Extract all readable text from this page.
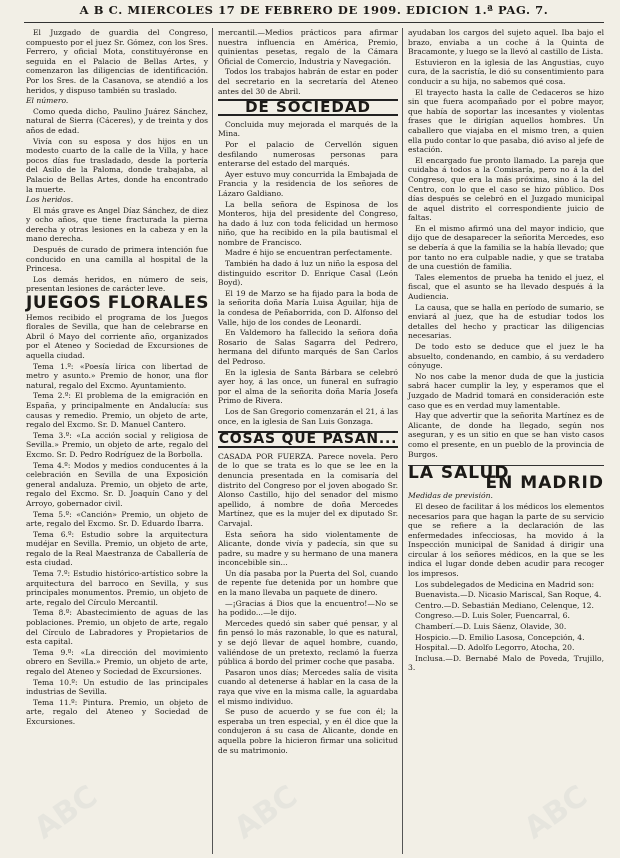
A B C. MIERCOLES 17 DE FEBRERO DE 1909. EDICION 1.ª PAG. 7.

El Juzgado de guardia del Congreso, compuesto por el juez Sr. Gómez, con los Sres. Ferrero, y oficial Mota, constituyéronse en seguida en el Palacio de Bellas Artes, y comenzaron las diligencias de identificación. Por los Sres. de la Casanova, se atendió a los heridos, y dispuso también su traslado.

El número.

Como queda dicho, Paulino Juárez Sánchez, natural de Sierra (Cáceres), y de treinta y dos años de edad.

Vivía con su esposa y dos hijos en un modesto cuarto de la calle de la Villa, y hace pocos días fue trasladado, desde la portería del Asilo de la Paloma, donde trabajaba, al Palacio de Bellas Artes, donde ha encontrado la muerte.

Los heridos.

El más grave es Angel Díaz Sánchez, de diez y ocho años, que tiene fracturada la pierna derecha y otras lesiones en la cabeza y en la mano derecha.

Después de curado de primera intención fue conducido en una camilla al hospital de la Princesa.

Los demás heridos, en número de seis, presentan lesiones de carácter leve.

JUEGOS FLORALES

Hemos recibido el programa de los Juegos florales de Sevilla, que han de celebrarse en Abril ó Mayo del corriente año, organizados por el Ateneo y Sociedad de Excursiones de aquella ciudad.

Tema 1.º: «Poesía lírica con libertad de metro y asunto.» Premio de honor, una flor natural, regalo del Excmo. Ayuntamiento.

Tema 2.º: El problema de la emigración en España, y principalmente en Andalucía: sus causas y remedio. Premio, un objeto de arte, regalo del Excmo. Sr. D. Manuel Cantero.

Tema 3.º: «La acción social y religiosa de Sevilla.» Premio, un objeto de arte, regalo del Excmo. Sr. D. Pedro Rodríguez de la Borbolla.

Tema 4.º: Modos y medios conducentes á la celebración en Sevilla de una Exposición general andaluza. Premio, un objeto de arte, regalo del Excmo. Sr. D. Joaquín Cano y del Arroyo, gobernador civil.

Tema 5.º: «Canción» Premio, un objeto de arte, regalo del Excmo. Sr. D. Eduardo Ibarra.

Tema 6.º: Estudio sobre la arquitectura mudéjar en Sevilla. Premio, un objeto de arte, regalo de la Real Maestranza de Caballería de esta ciudad.

Tema 7.º: Estudio histórico-artístico sobre la arquitectura del barroco en Sevilla, y sus principales monumentos. Premio, un objeto de arte, regalo del Círculo Mercantil.

Tema 8.º: Abastecimiento de aguas de las poblaciones. Premio, un objeto de arte, regalo del Círculo de Labradores y Propietarios de esta capital.

Tema 9.º: «La dirección del movimiento obrero en Sevilla.» Premio, un objeto de arte, regalo del Ateneo y Sociedad de Excursiones.

Tema 10.º: Un estudio de las principales industrias de Sevilla.

Tema 11.º: Pintura. Premio, un objeto de arte, regalo del Ateneo y Sociedad de Excursiones.

mercantil.—Medios prácticos para afirmar nuestra influencia en América, Premio, quinientas pesetas, regalo de la Cámara Oficial de Comercio, Industria y Navegación.

Todos los trabajos habrán de estar en poder del secretario en la secretaría del Ateneo antes del 30 de Abril.

DE SOCIEDAD

Concluida muy mejorada el marqués de la Mina.

Por el palacio de Cervellón siguen desfilando numerosas personas para enterarse del estado del marqués.

Ayer estuvo muy concurrida la Embajada de Francia y la residencia de los señores de Lázaro Galdiano.

La bella señora de Espinosa de los Monteros, hija del presidente del Congreso, ha dado á luz con toda felicidad un hermoso niño, que ha recibido en la pila bautismal el nombre de Francisco.

Madre é hijo se encuentran perfectamente.

También ha dado á luz un niño la esposa del distinguido escritor D. Enrique Casal (León Boyd).

El 19 de Marzo se ha fijado para la boda de la señorita doña María Luisa Aguilar, hija de la condesa de Peñaborrida, con D. Alfonso del Valle, hijo de los condes de Leonardi.

En Valdemoro ha fallecido la señora doña Rosario de Salas Sagarra del Pedrero, hermana del difunto marqués de San Carlos del Pedroso.

En la iglesia de Santa Bárbara se celebró ayer hoy, á las once, un funeral en sufragio por el alma de la señorita doña María Josefa Primo de Rivera.

Los de San Gregorio comenzarán el 21, á las once, en la iglesia de San Luis Gonzaga.

COSAS QUE PASAN...

CASADA POR FUERZA. Parece novela. Pero de lo que se trata es lo que se lee en la denuncia presentada en la comisaría del distrito del Congreso por el joven abogado Sr. Alonso Castillo, hijo del senador del mismo apellido, á nombre de doña Mercedes Martínez, que es la mujer del ex diputado Sr. Carvajal.

Esta señora ha sido violentamente de Alicante, donde vivía y padecía, sin que su padre, su madre y su hermano de una manera inconcebible sin...

Un día pasaba por la Puerta del Sol, cuando de repente fue detenida por un hombre que en la mano llevaba un paquete de dinero.

—¡Gracias á Dios que la encuentro!—No se ha podido...—le dijo.

Mercedes quedó sin saber qué pensar, y al fin pensó lo más razonable, lo que es natural, y se dejó llevar de aquel hombre, cuando, valiéndose de un pretexto, reclamó la fuerza pública á bordo del primer coche que pasaba.

Pasaron unos días; Mercedes salía de visita cuando al detenerse á hablar en la casa de la raya que vive en la misma calle, la aguardaba el mismo individuo.

Se puso de acuerdo y se fue con él; la esperaba un tren especial, y en él dice que la condujeron á su casa de Alicante, donde en aquella pobre la hicieron firmar una solicitud de su matrimonio.

ayudaban los cargos del sujeto aquel. Iba bajo el brazo, enviaba a un coche á la Quinta de Bracamonte, y luego se la llevó al castillo de Lista.

Estuvieron en la iglesia de las Angustias, cuyo cura, de la sacristía, le dió su consentimiento para conducir a su hija, no sabemos qué cosa.

El trayecto hasta la calle de Cedaceros se hizo sin que fuera acompañado por el pobre mayor, que había de soportar las incesantes y violentas frases que le dirigían aquellos hombres. Un caballero que viajaba en el mismo tren, a quien ella pudo contar lo que pasaba, dió aviso al jefe de estación.

El encargado fue pronto llamado. La pareja que cuidaba á todos a la Comisaría, pero no á la del Congreso, que era la más próxima, sino á la del Centro, con lo que el caso se hizo público. Dos días después se celebró en el Juzgado municipal de aquel distrito el correspondiente juicio de faltas.

En el mismo afirmó una del mayor indicio, que dijo que de desaparecer la señorita Mercedes, eso se debería á que la familia se la había llevado; que por tanto no era culpable nadie, y que se trataba de una cuestión de familia.

Tales elementos de prueba ha tenido el juez, el fiscal, que el asunto se ha llevado después á la Audiencia.

La causa, que se halla en período de sumario, se enviará al juez, que ha de estudiar todos los detalles del hecho y practicar las diligencias necesarias.

De todo esto se deduce que el juez le ha absuelto, condenando, en cambio, á su verdadero cónyuge.

No nos cabe la menor duda de que la justicia sabrá hacer cumplir la ley, y esperamos que el Juzgado de Madrid tomará en consideración este caso que es en verdad muy lamentable.

Hay que advertir que la señorita Martínez es de Alicante, de donde ha llegado, según nos aseguran, y es un sitio en que se han visto casos como el presente, en un pueblo de la provincia de Burgos.

LA SALUD
EN MADRID

Medidas de previsión.

El deseo de facilitar á los médicos los elementos necesarios para que hagan la parte de su servicio que se refiere a la declaración de las enfermedades infecciosas, ha movido á la Inspección municipal de Sanidad á dirigir una circular á los señores médicos, en la que se les indica el lugar donde deben acudir para recoger los impresos.

Los subdelegados de Medicina en Madrid son:

Buenavista.—D. Nicasio Mariscal, San Roque, 4.

Centro.—D. Sebastián Mediano, Celenque, 12.

Congreso.—D. Luis Soler, Fuencarral, 6.

Chamberí.—D. Luis Sáenz, Olavide, 30.

Hospicio.—D. Emilio Lasosa, Concepción, 4.

Hospital.—D. Adolfo Legorro, Atocha, 20.

Inclusa.—D. Bernabé Malo de Poveda, Trujillo, 3.

ABC	ABC	ABC
